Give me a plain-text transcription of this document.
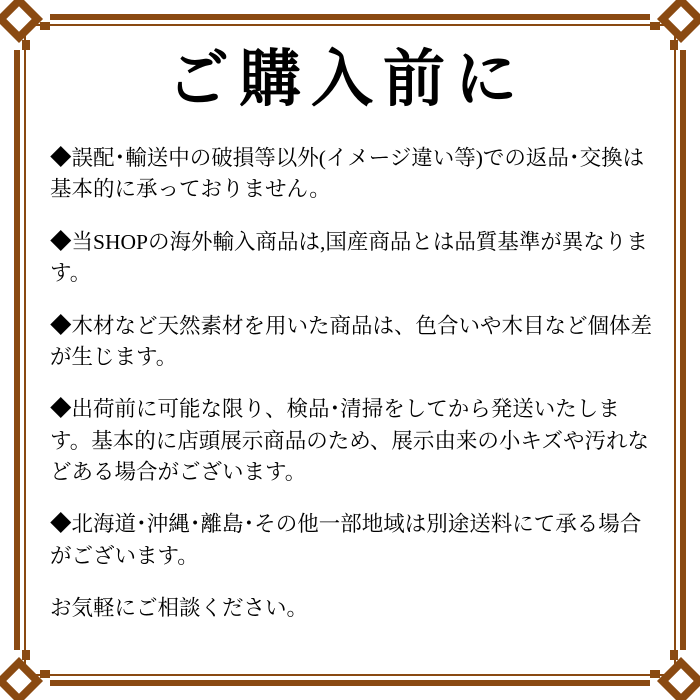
ご購入前に

◆誤配･輸送中の破損等以外(イメージ違い等)での返品･交換は基本的に承っておりません。

◆当SHOPの海外輸入商品は,国産商品とは品質基準が異なります。

◆木材など天然素材を用いた商品は、色合いや木目など個体差が生じます。

◆出荷前に可能な限り、検品･清掃をしてから発送いたします。基本的に店頭展示商品のため、展示由来の小キズや汚れなどある場合がございます。

◆北海道･沖縄･離島･その他一部地域は別途送料にて承る場合がございます。

お気軽にご相談ください。
